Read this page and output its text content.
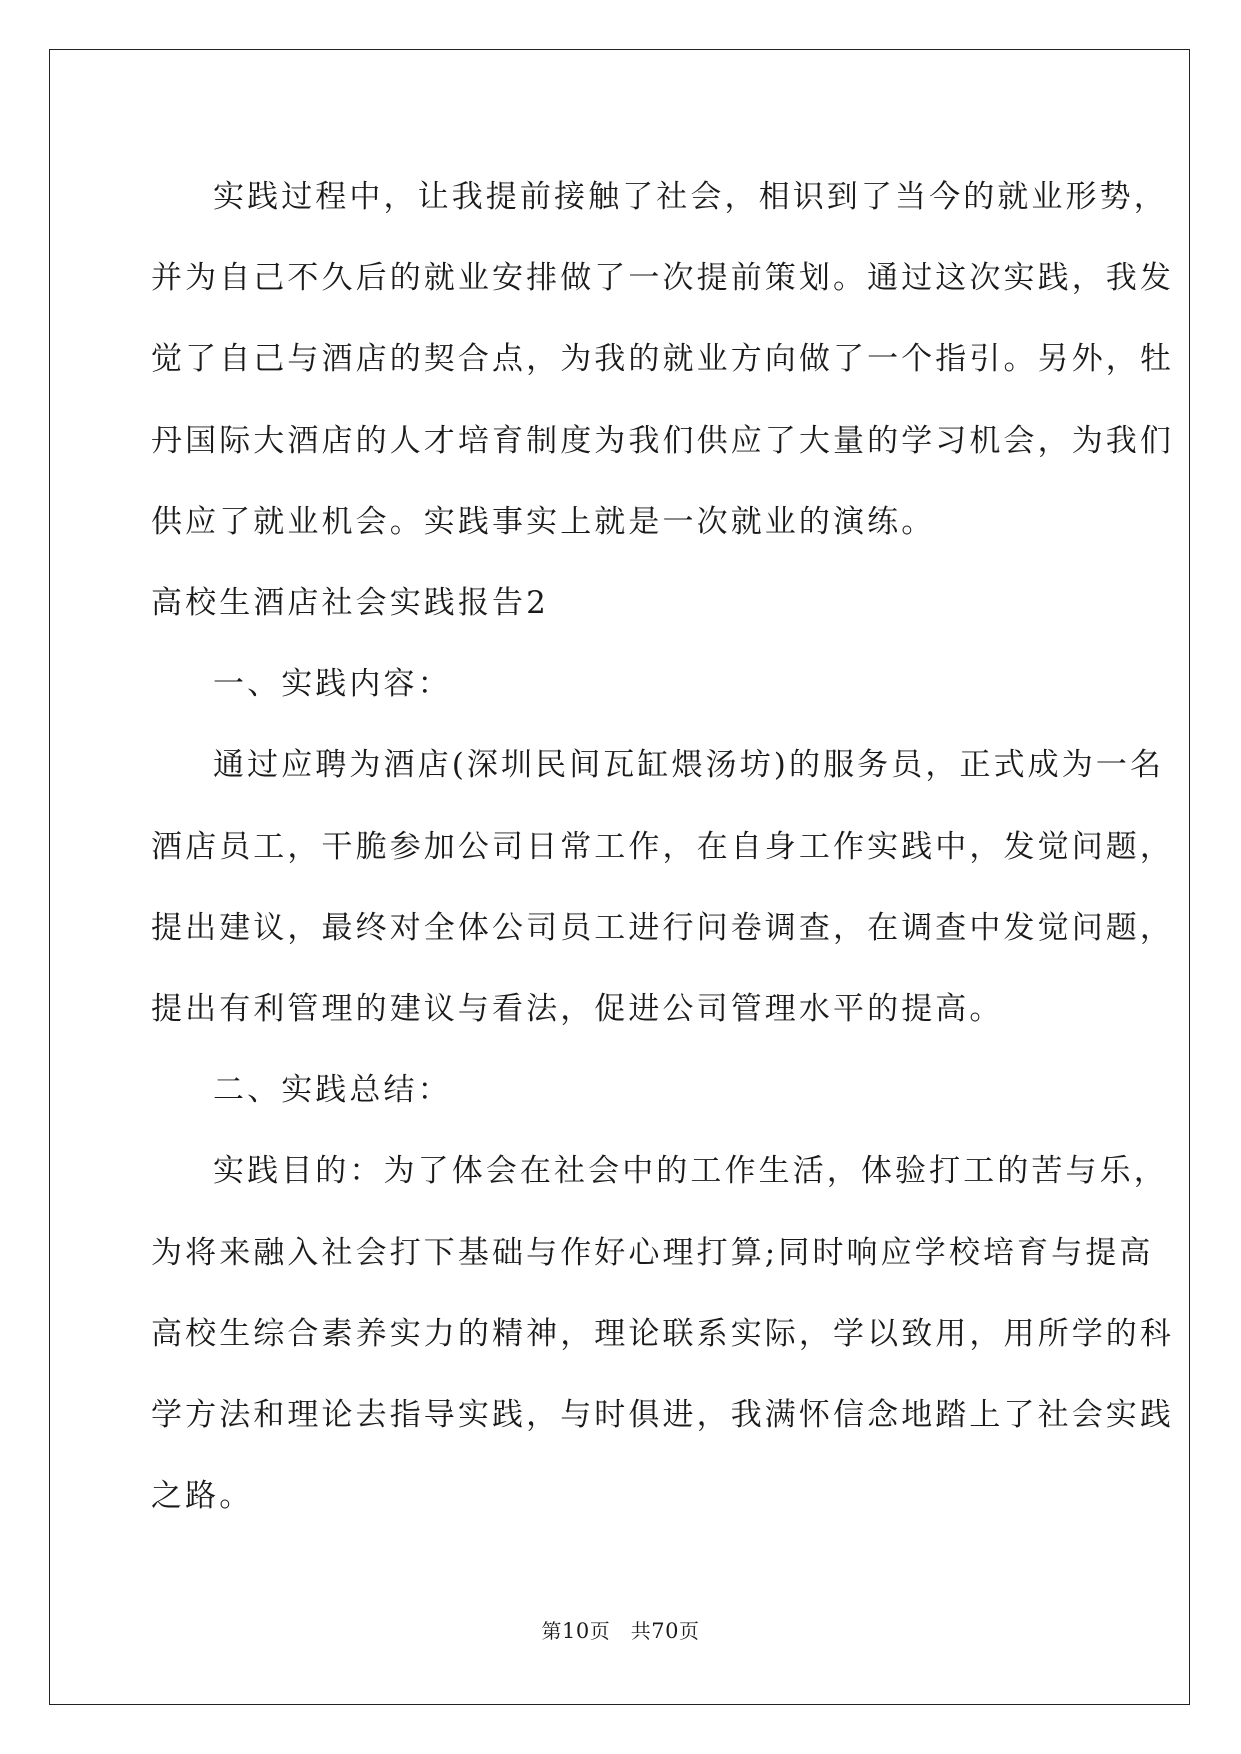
实践过程中，让我提前接触了社会，相识到了当今的就业形势，
并为自己不久后的就业安排做了一次提前策划。通过这次实践，我发
觉了自己与酒店的契合点，为我的就业方向做了一个指引。另外，牡
丹国际大酒店的人才培育制度为我们供应了大量的学习机会，为我们
供应了就业机会。实践事实上就是一次就业的演练。

高校生酒店社会实践报告2

一、实践内容：

通过应聘为酒店(深圳民间瓦缸煨汤坊)的服务员，正式成为一名
酒店员工，干脆参加公司日常工作，在自身工作实践中，发觉问题，
提出建议，最终对全体公司员工进行问卷调查，在调查中发觉问题，
提出有利管理的建议与看法，促进公司管理水平的提高。

二、实践总结：

实践目的：为了体会在社会中的工作生活，体验打工的苦与乐，
为将来融入社会打下基础与作好心理打算;同时响应学校培育与提高
高校生综合素养实力的精神，理论联系实际，学以致用，用所学的科
学方法和理论去指导实践，与时俱进，我满怀信念地踏上了社会实践
之路。

第10页　共70页
